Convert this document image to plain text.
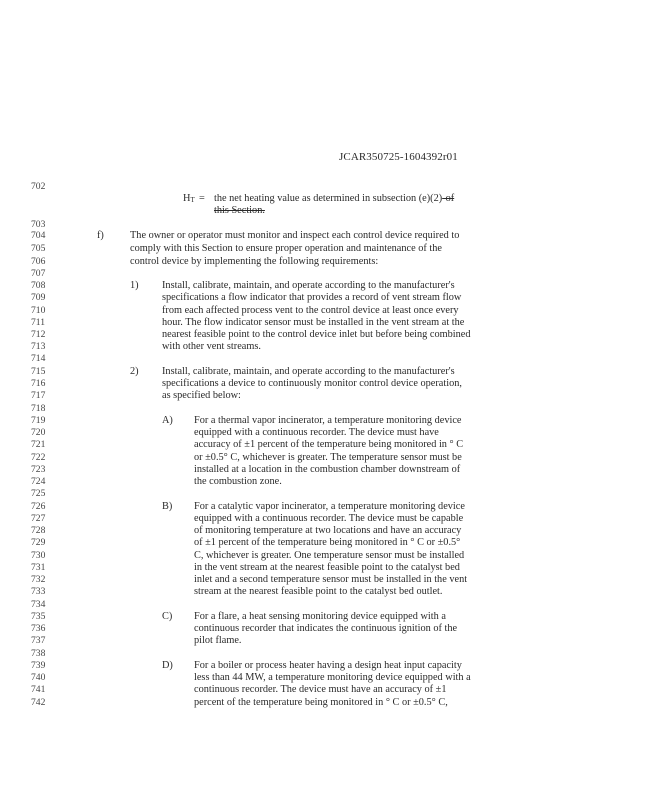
JCAR350725-1604392r01
702
703
704
705
706
707
708
709
710
711
712
713
714
715
716
717
718
719
720
721
722
723
724
725
726
727
728
729
730
731
732
733
734
735
736
737
738
739
740
741
742
$H_T$ = the net heating value as determined in subsection (e)(2)-of
this Section.
f)	The owner or operator must monitor and inspect each control device required to
comply with this Section to ensure proper operation and maintenance of the
control device by implementing the following requirements:
1) Install, calibrate, maintain, and operate according to the manufacturer's
specifications a flow indicator that provides a record of vent stream flow
from each affected process vent to the control device at least once every
hour. The flow indicator sensor must be installed in the vent stream at the
nearest feasible point to the control device inlet but before being combined
with other vent streams.
2) Install, calibrate, maintain, and operate according to the manufacturer's
specifications a device to continuously monitor control device operation,
as specified below:
A) For a thermal vapor incinerator, a temperature monitoring device
equipped with a continuous recorder. The device must have
accuracy of ±1 percent of the temperature being monitored in ° C
or ±0.5° C, whichever is greater. The temperature sensor must be
installed at a location in the combustion chamber downstream of
the combustion zone.
B) For a catalytic vapor incinerator, a temperature monitoring device
equipped with a continuous recorder. The device must be capable
of monitoring temperature at two locations and have an accuracy
of ±1 percent of the temperature being monitored in ° C or ±0.5°
C, whichever is greater. One temperature sensor must be installed
in the vent stream at the nearest feasible point to the catalyst bed
inlet and a second temperature sensor must be installed in the vent
stream at the nearest feasible point to the catalyst bed outlet.
C) For a flare, a heat sensing monitoring device equipped with a
continuous recorder that indicates the continuous ignition of the
pilot flame.
D) For a boiler or process heater having a design heat input capacity
less than 44 MW, a temperature monitoring device equipped with a
continuous recorder. The device must have an accuracy of ±1
percent of the temperature being monitored in ° C or ±0.5° C,
